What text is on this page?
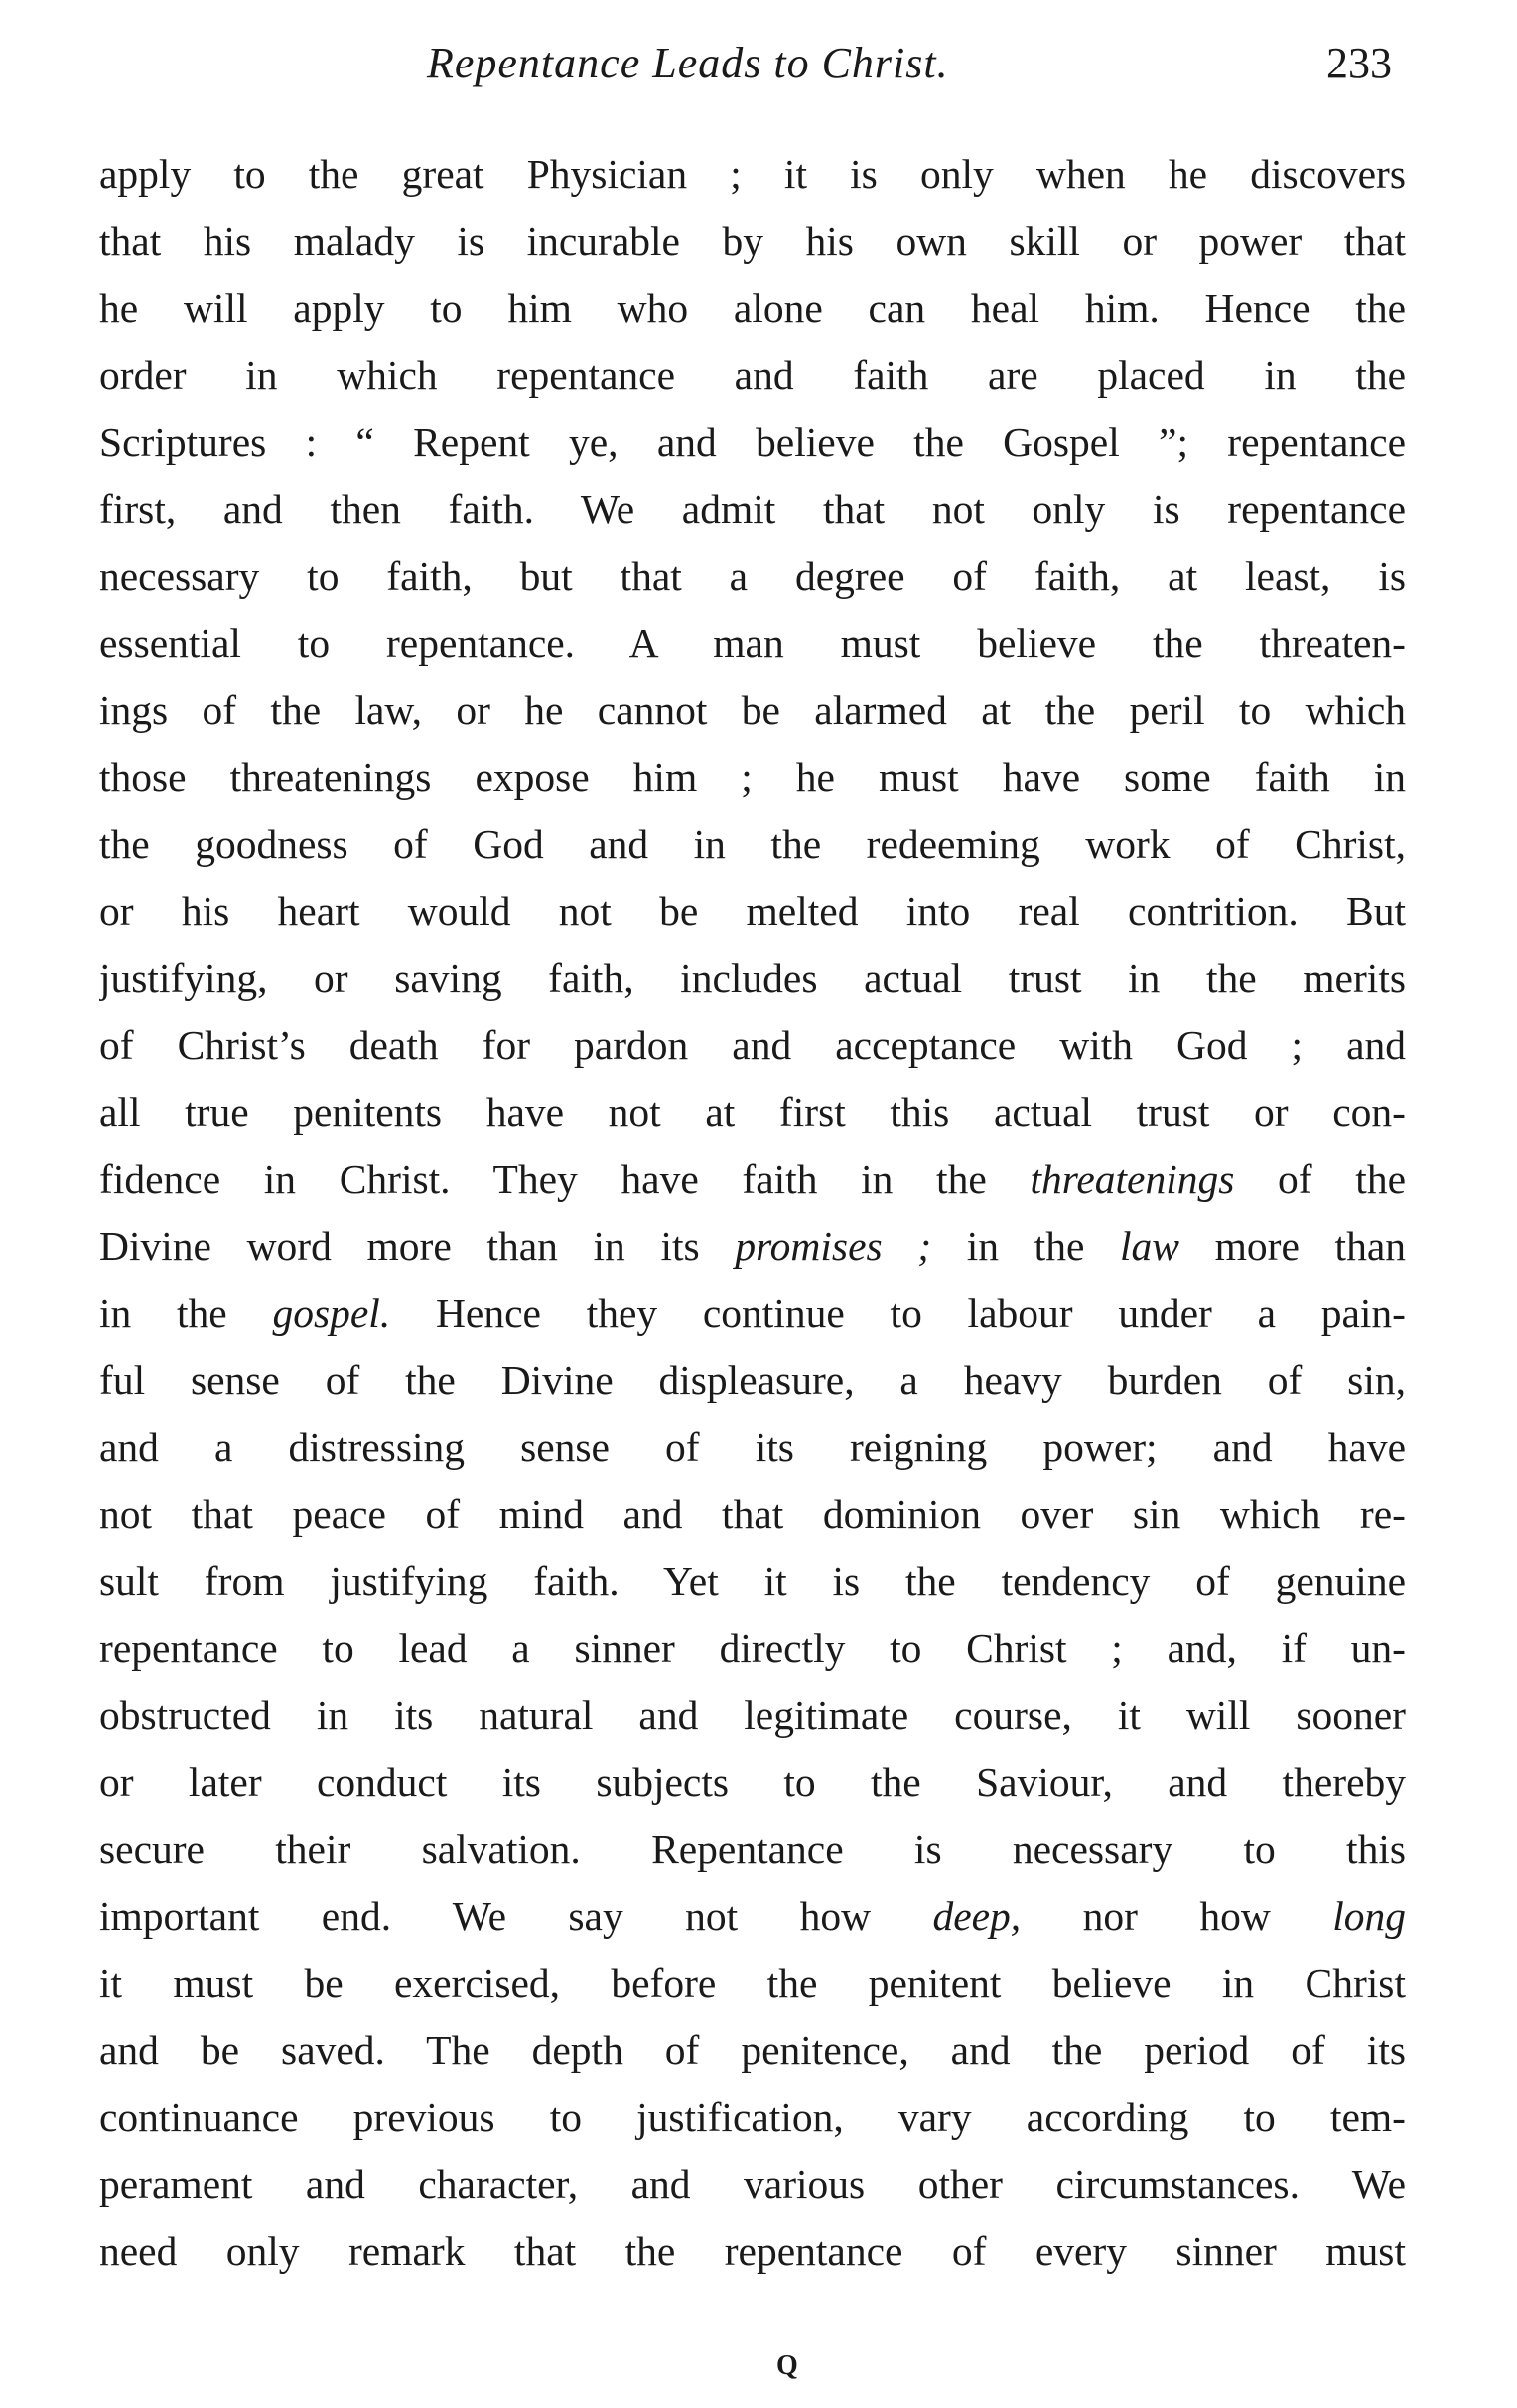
Repentance Leads to Christ.	233
apply to the great Physician ; it is only when he discovers
that his malady is incurable by his own skill or power that
he will apply to him who alone can heal him. Hence the
order in which repentance and faith are placed in the
Scriptures : “ Repent ye, and believe the Gospel ”; repentance
first, and then faith. We admit that not only is repentance
necessary to faith, but that a degree of faith, at least, is
essential to repentance. A man must believe the threaten-
ings of the law, or he cannot be alarmed at the peril to which
those threatenings expose him ; he must have some faith in
the goodness of God and in the redeeming work of Christ,
or his heart would not be melted into real contrition. But
justifying, or saving faith, includes actual trust in the merits
of Christ’s death for pardon and acceptance with God ; and
all true penitents have not at first this actual trust or con-
fidence in Christ. They have faith in the threatenings of the
Divine word more than in its promises ; in the law more than
in the gospel. Hence they continue to labour under a pain-
ful sense of the Divine displeasure, a heavy burden of sin,
and a distressing sense of its reigning power; and have
not that peace of mind and that dominion over sin which re-
sult from justifying faith. Yet it is the tendency of genuine
repentance to lead a sinner directly to Christ ; and, if un-
obstructed in its natural and legitimate course, it will sooner
or later conduct its subjects to the Saviour, and thereby
secure their salvation. Repentance is necessary to this
important end. We say not how deep, nor how long
it must be exercised, before the penitent believe in Christ
and be saved. The depth of penitence, and the period of its
continuance previous to justification, vary according to tem-
perament and character, and various other circumstances. We
need only remark that the repentance of every sinner must
Q
